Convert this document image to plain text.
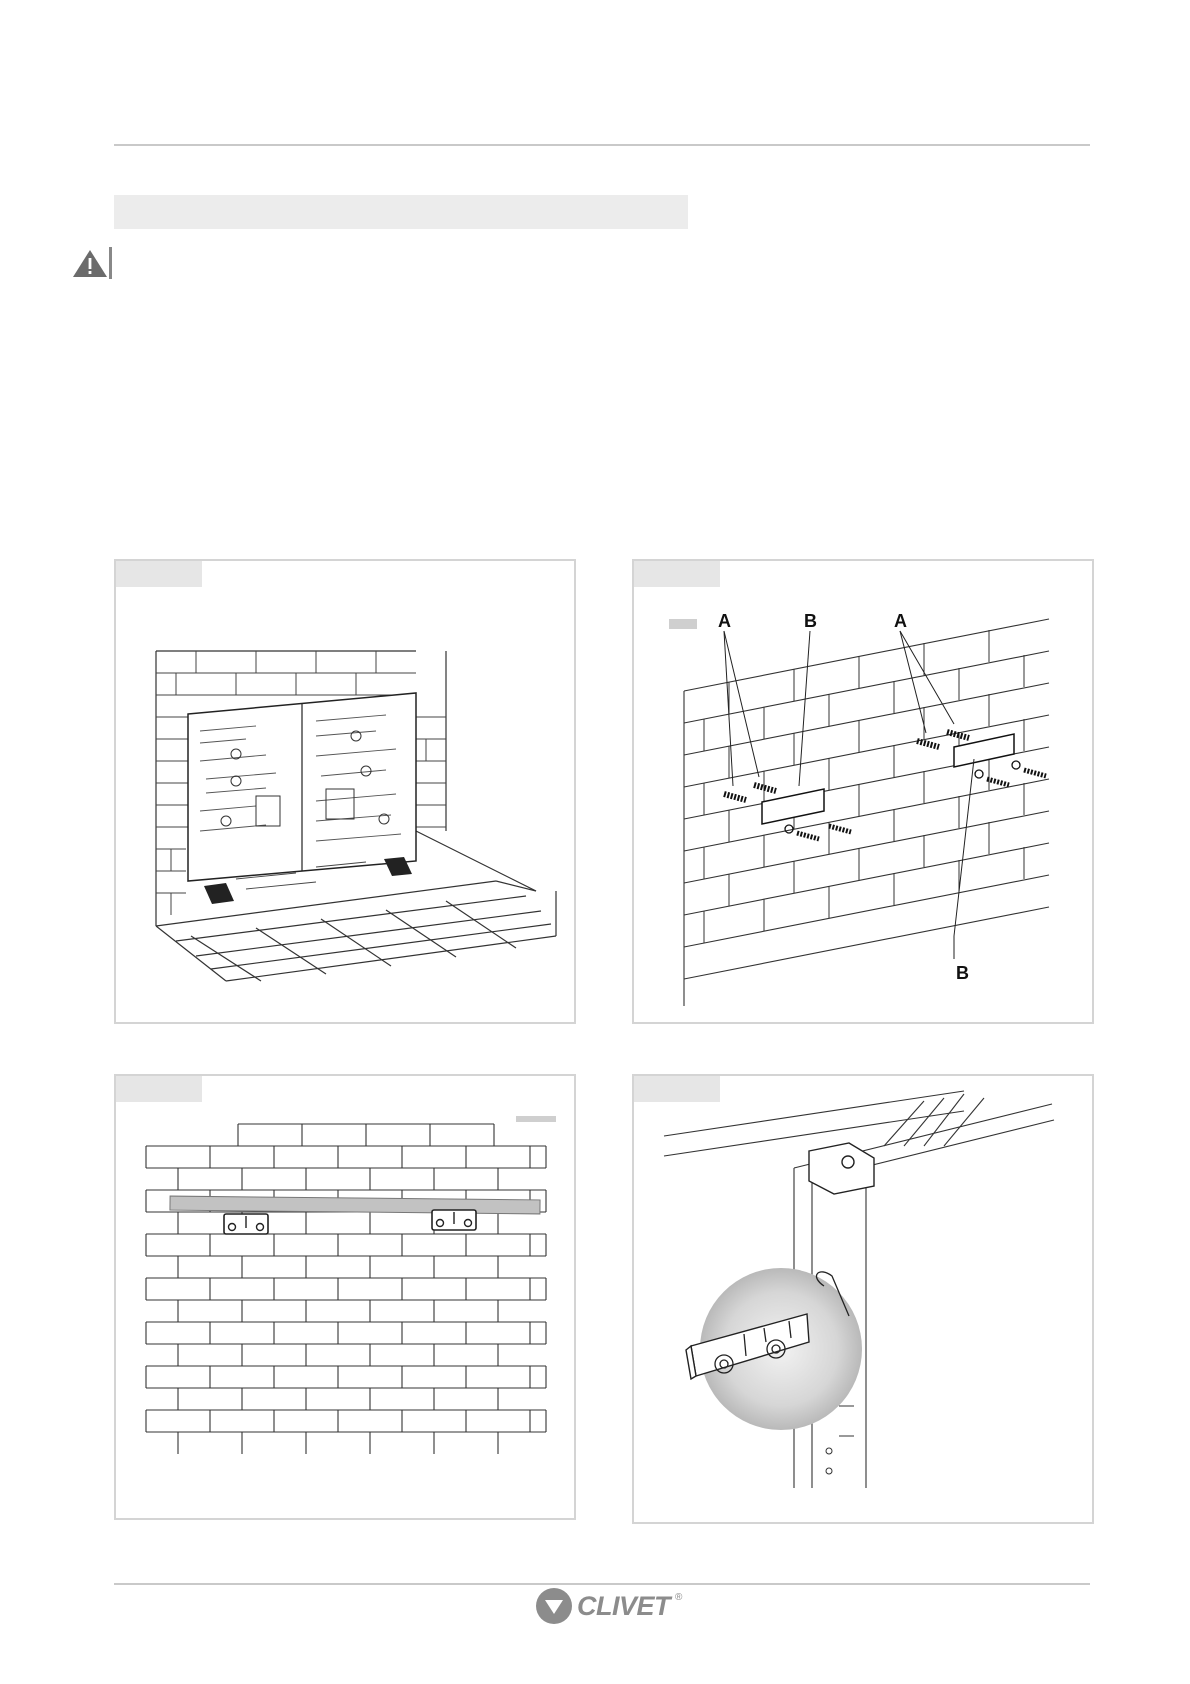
A	B	A
B
CLIVET ®
